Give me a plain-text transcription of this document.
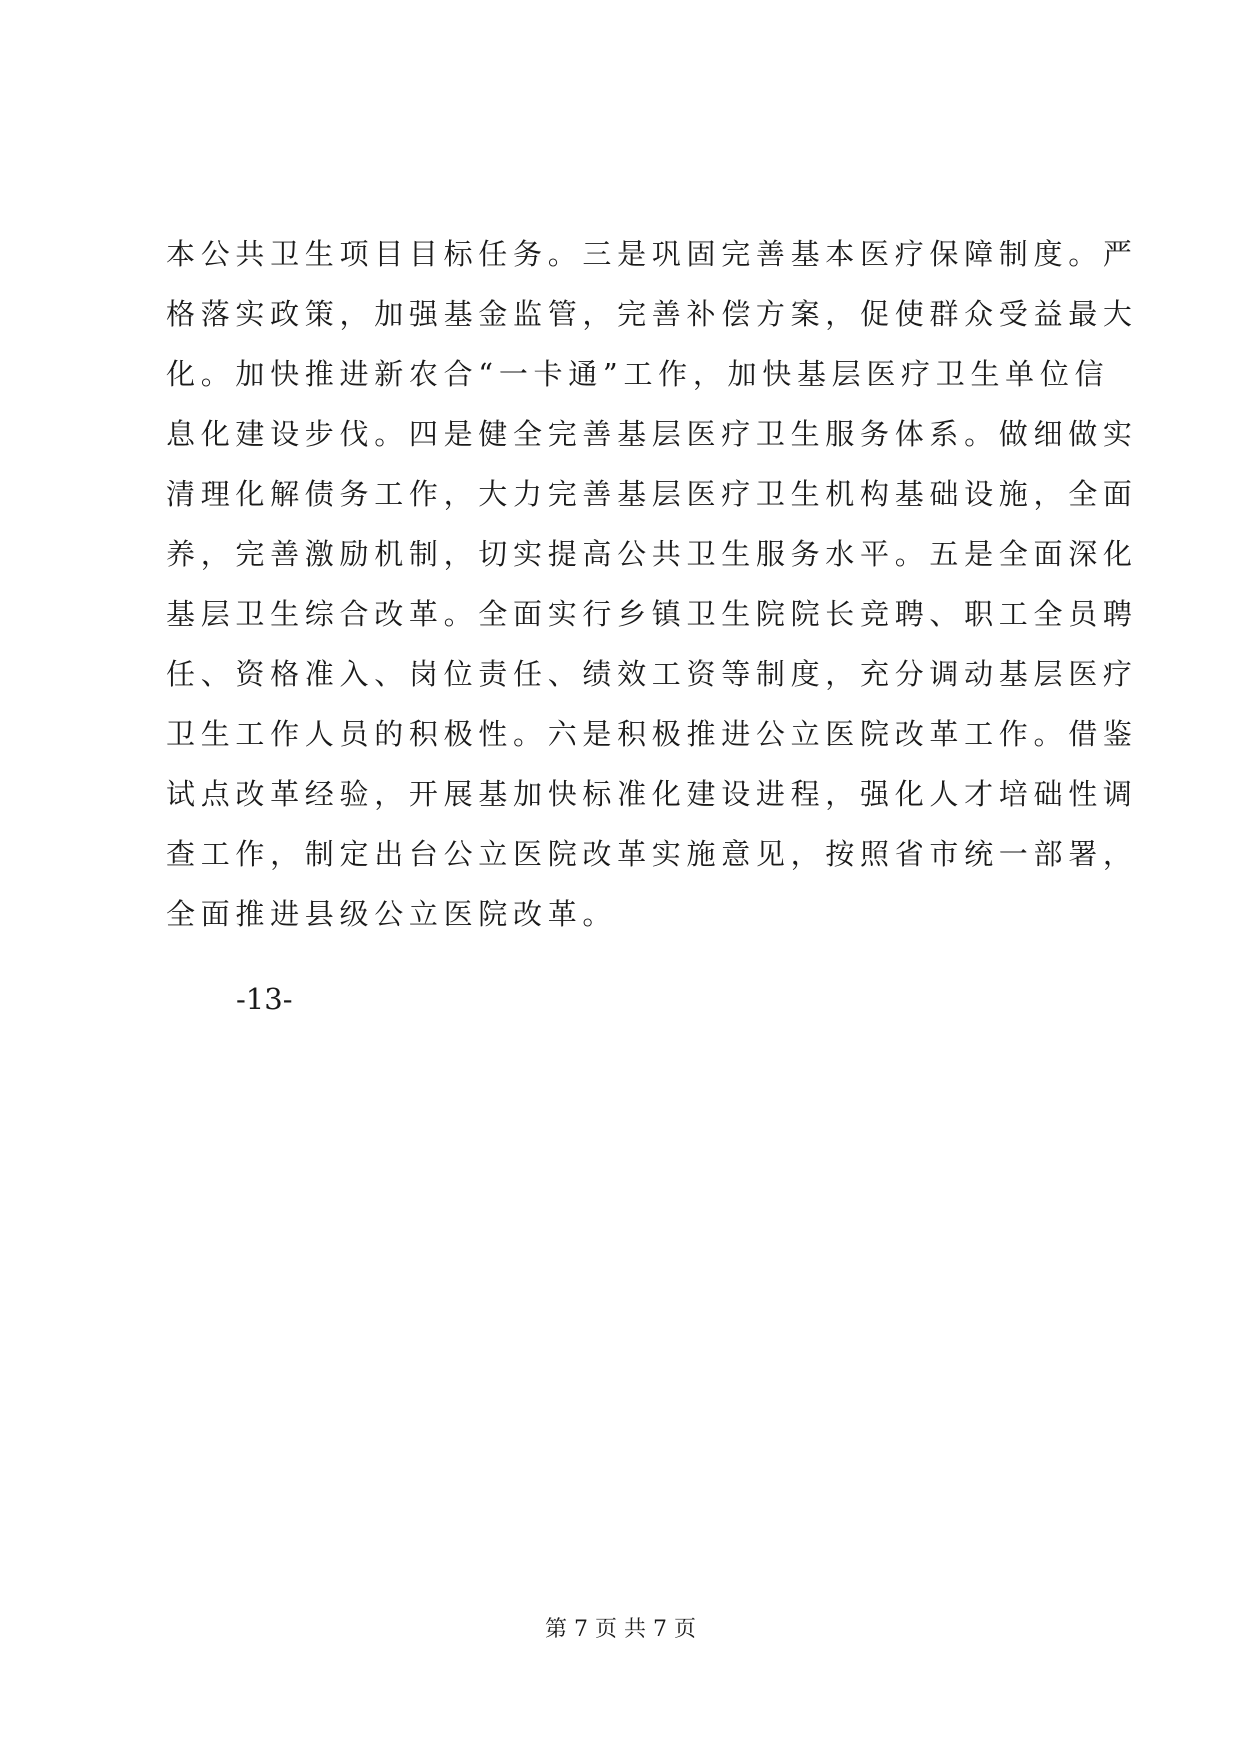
本公共卫生项目目标任务。三是巩固完善基本医疗保障制度。严
格落实政策，加强基金监管，完善补偿方案，促使群众受益最大
化。加快推进新农合“一卡通”工作，加快基层医疗卫生单位信
息化建设步伐。四是健全完善基层医疗卫生服务体系。做细做实
清理化解债务工作，大力完善基层医疗卫生机构基础设施，全面
养，完善激励机制，切实提高公共卫生服务水平。五是全面深化
基层卫生综合改革。全面实行乡镇卫生院院长竞聘、职工全员聘
任、资格准入、岗位责任、绩效工资等制度，充分调动基层医疗
卫生工作人员的积极性。六是积极推进公立医院改革工作。借鉴
试点改革经验，开展基加快标准化建设进程，强化人才培础性调
查工作，制定出台公立医院改革实施意见，按照省市统一部署，
全面推进县级公立医院改革。
-13-
第 7 页 共 7 页
